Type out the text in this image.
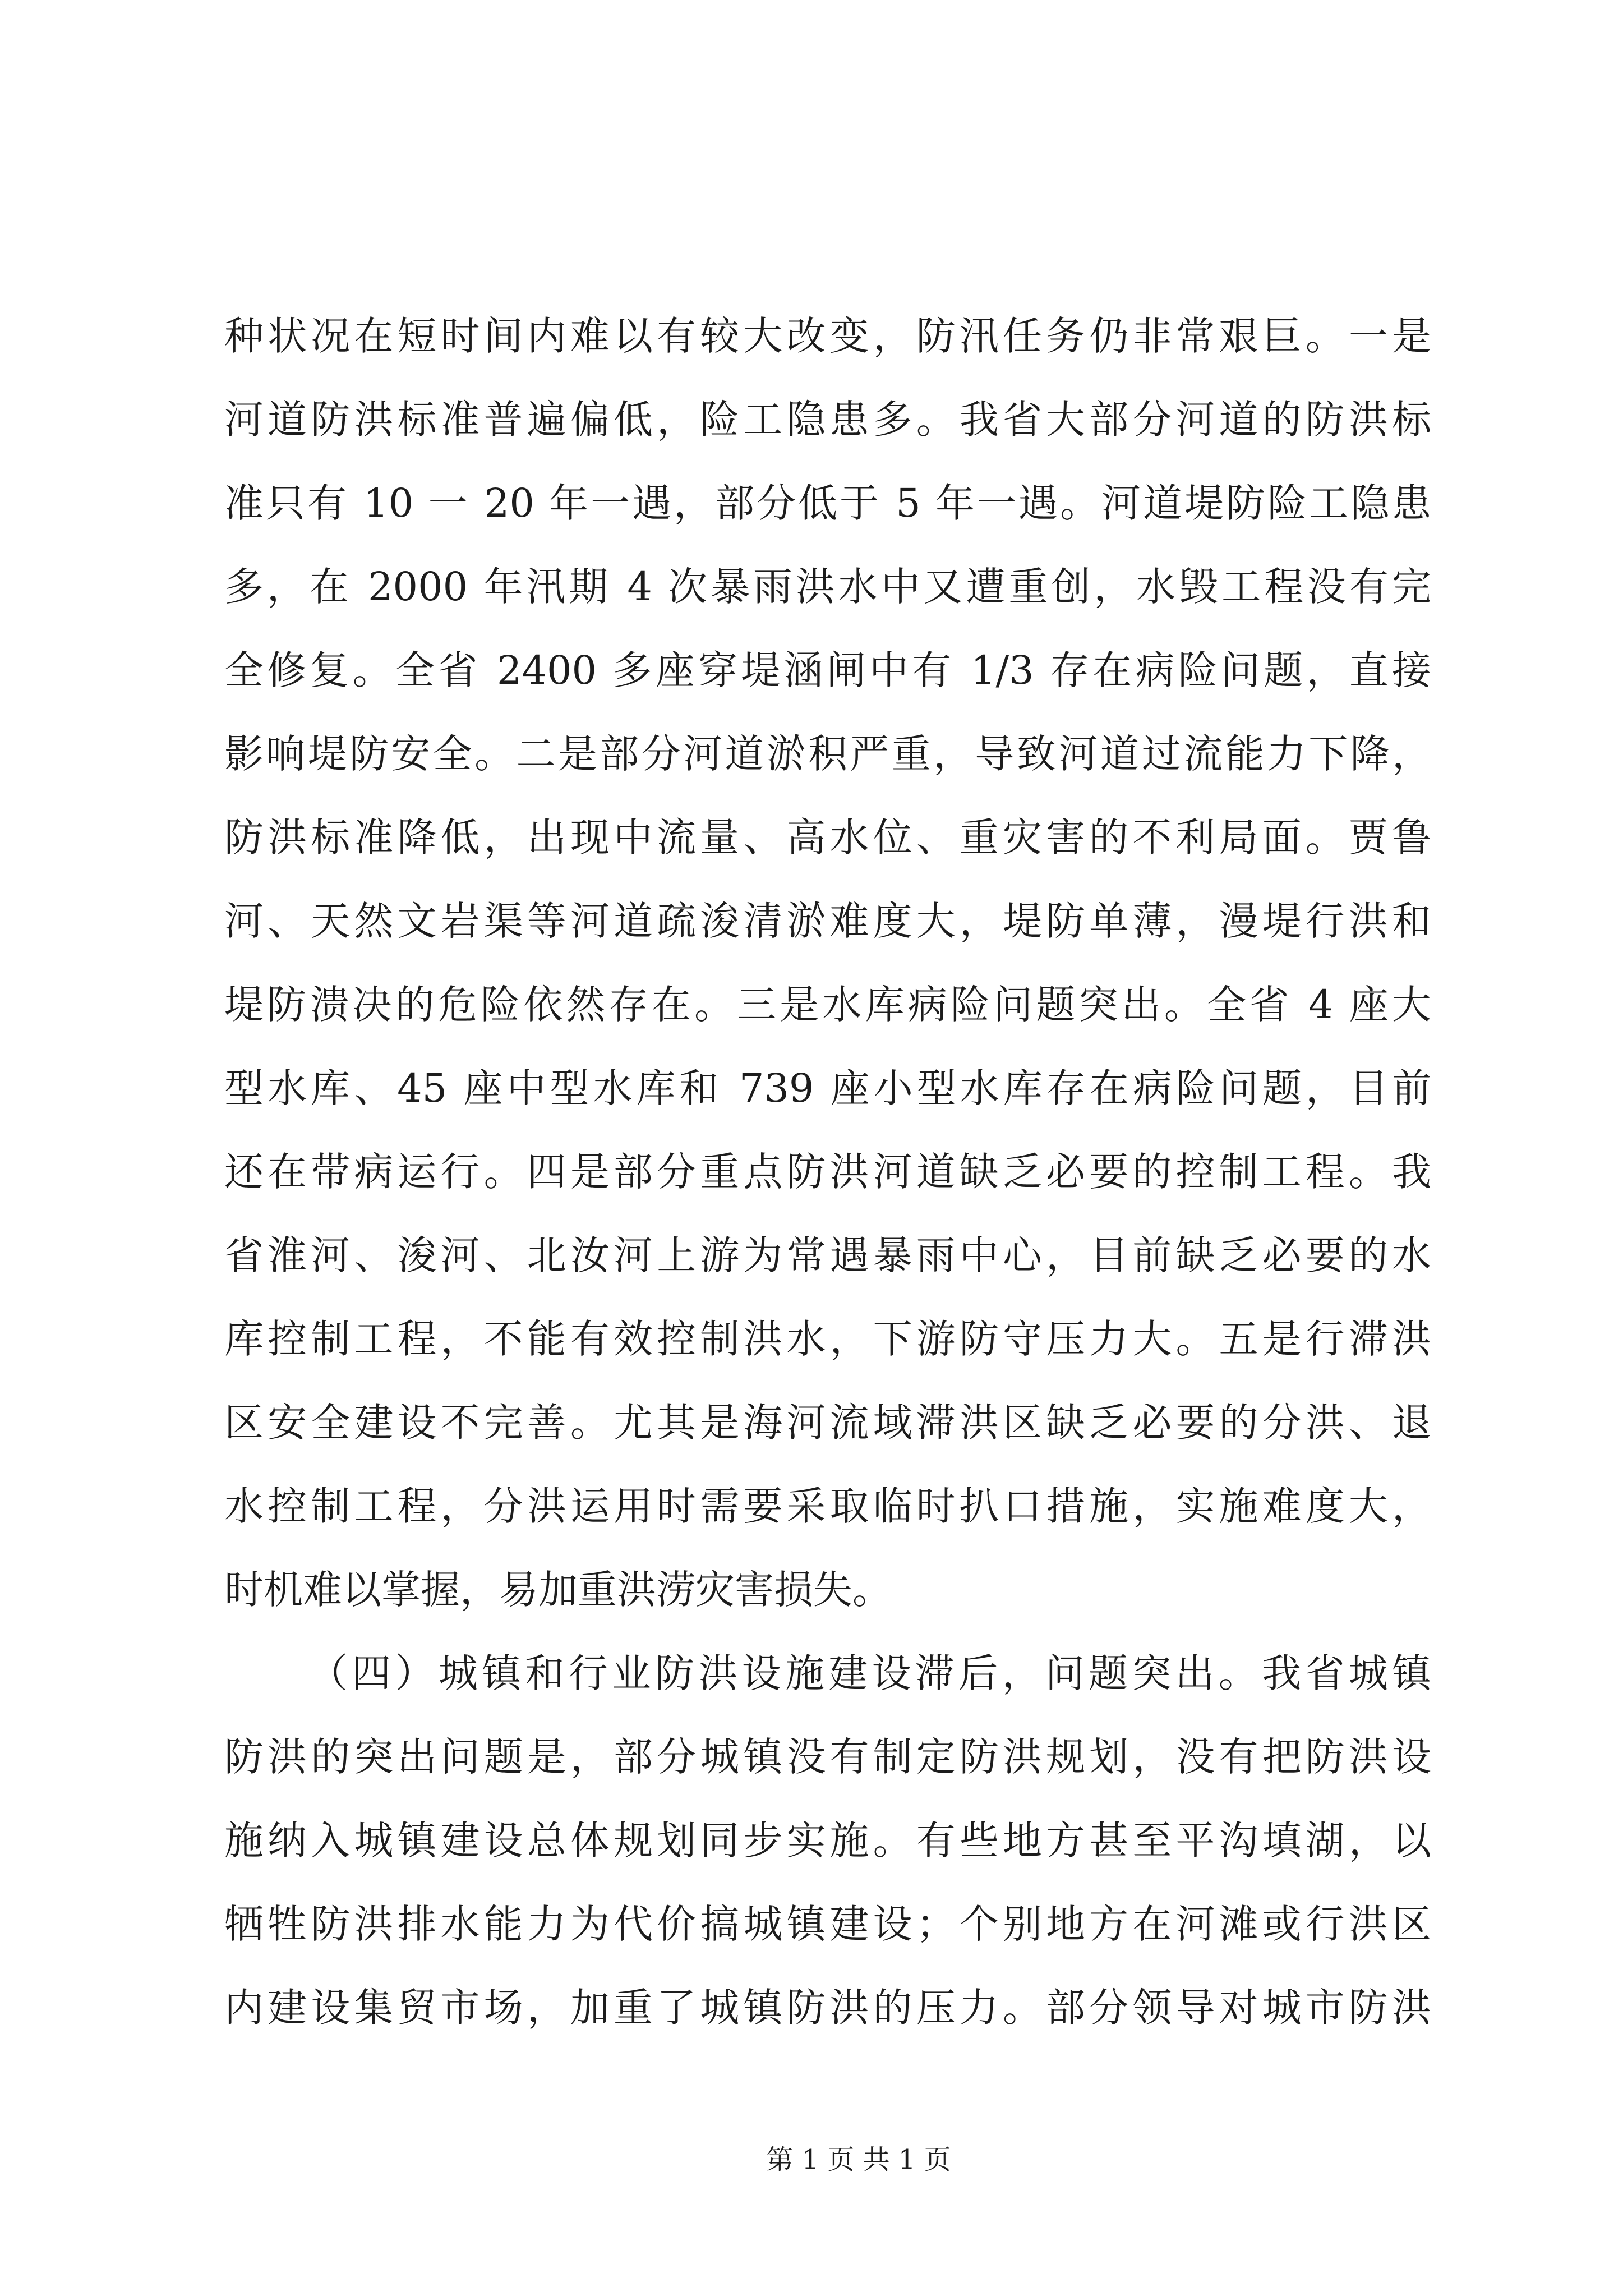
种状况在短时间内难以有较大改变，防汛任务仍非常艰巨。一是
河道防洪标准普遍偏低，险工隐患多。我省大部分河道的防洪标
准只有 10 一 20 年一遇，部分低于 5 年一遇。河道堤防险工隐患
多，在 2000 年汛期 4 次暴雨洪水中又遭重创，水毁工程没有完
全修复。全省 2400 多座穿堤涵闸中有 1/3 存在病险问题，直接
影响堤防安全。二是部分河道淤积严重，导致河道过流能力下降，
防洪标准降低，出现中流量、高水位、重灾害的不利局面。贾鲁
河、天然文岩渠等河道疏浚清淤难度大，堤防单薄，漫堤行洪和
堤防溃决的危险依然存在。三是水库病险问题突出。全省 4 座大
型水库、45 座中型水库和 739 座小型水库存在病险问题，目前
还在带病运行。四是部分重点防洪河道缺乏必要的控制工程。我
省淮河、浚河、北汝河上游为常遇暴雨中心，目前缺乏必要的水
库控制工程，不能有效控制洪水，下游防守压力大。五是行滞洪
区安全建设不完善。尤其是海河流域滞洪区缺乏必要的分洪、退
水控制工程，分洪运用时需要采取临时扒口措施，实施难度大，
时机难以掌握，易加重洪涝灾害损失。
（四）城镇和行业防洪设施建设滞后，问题突出。我省城镇
防洪的突出问题是，部分城镇没有制定防洪规划，没有把防洪设
施纳入城镇建设总体规划同步实施。有些地方甚至平沟填湖，以
牺牲防洪排水能力为代价搞城镇建设；个别地方在河滩或行洪区
内建设集贸市场，加重了城镇防洪的压力。部分领导对城市防洪
第 1 页 共 1 页
